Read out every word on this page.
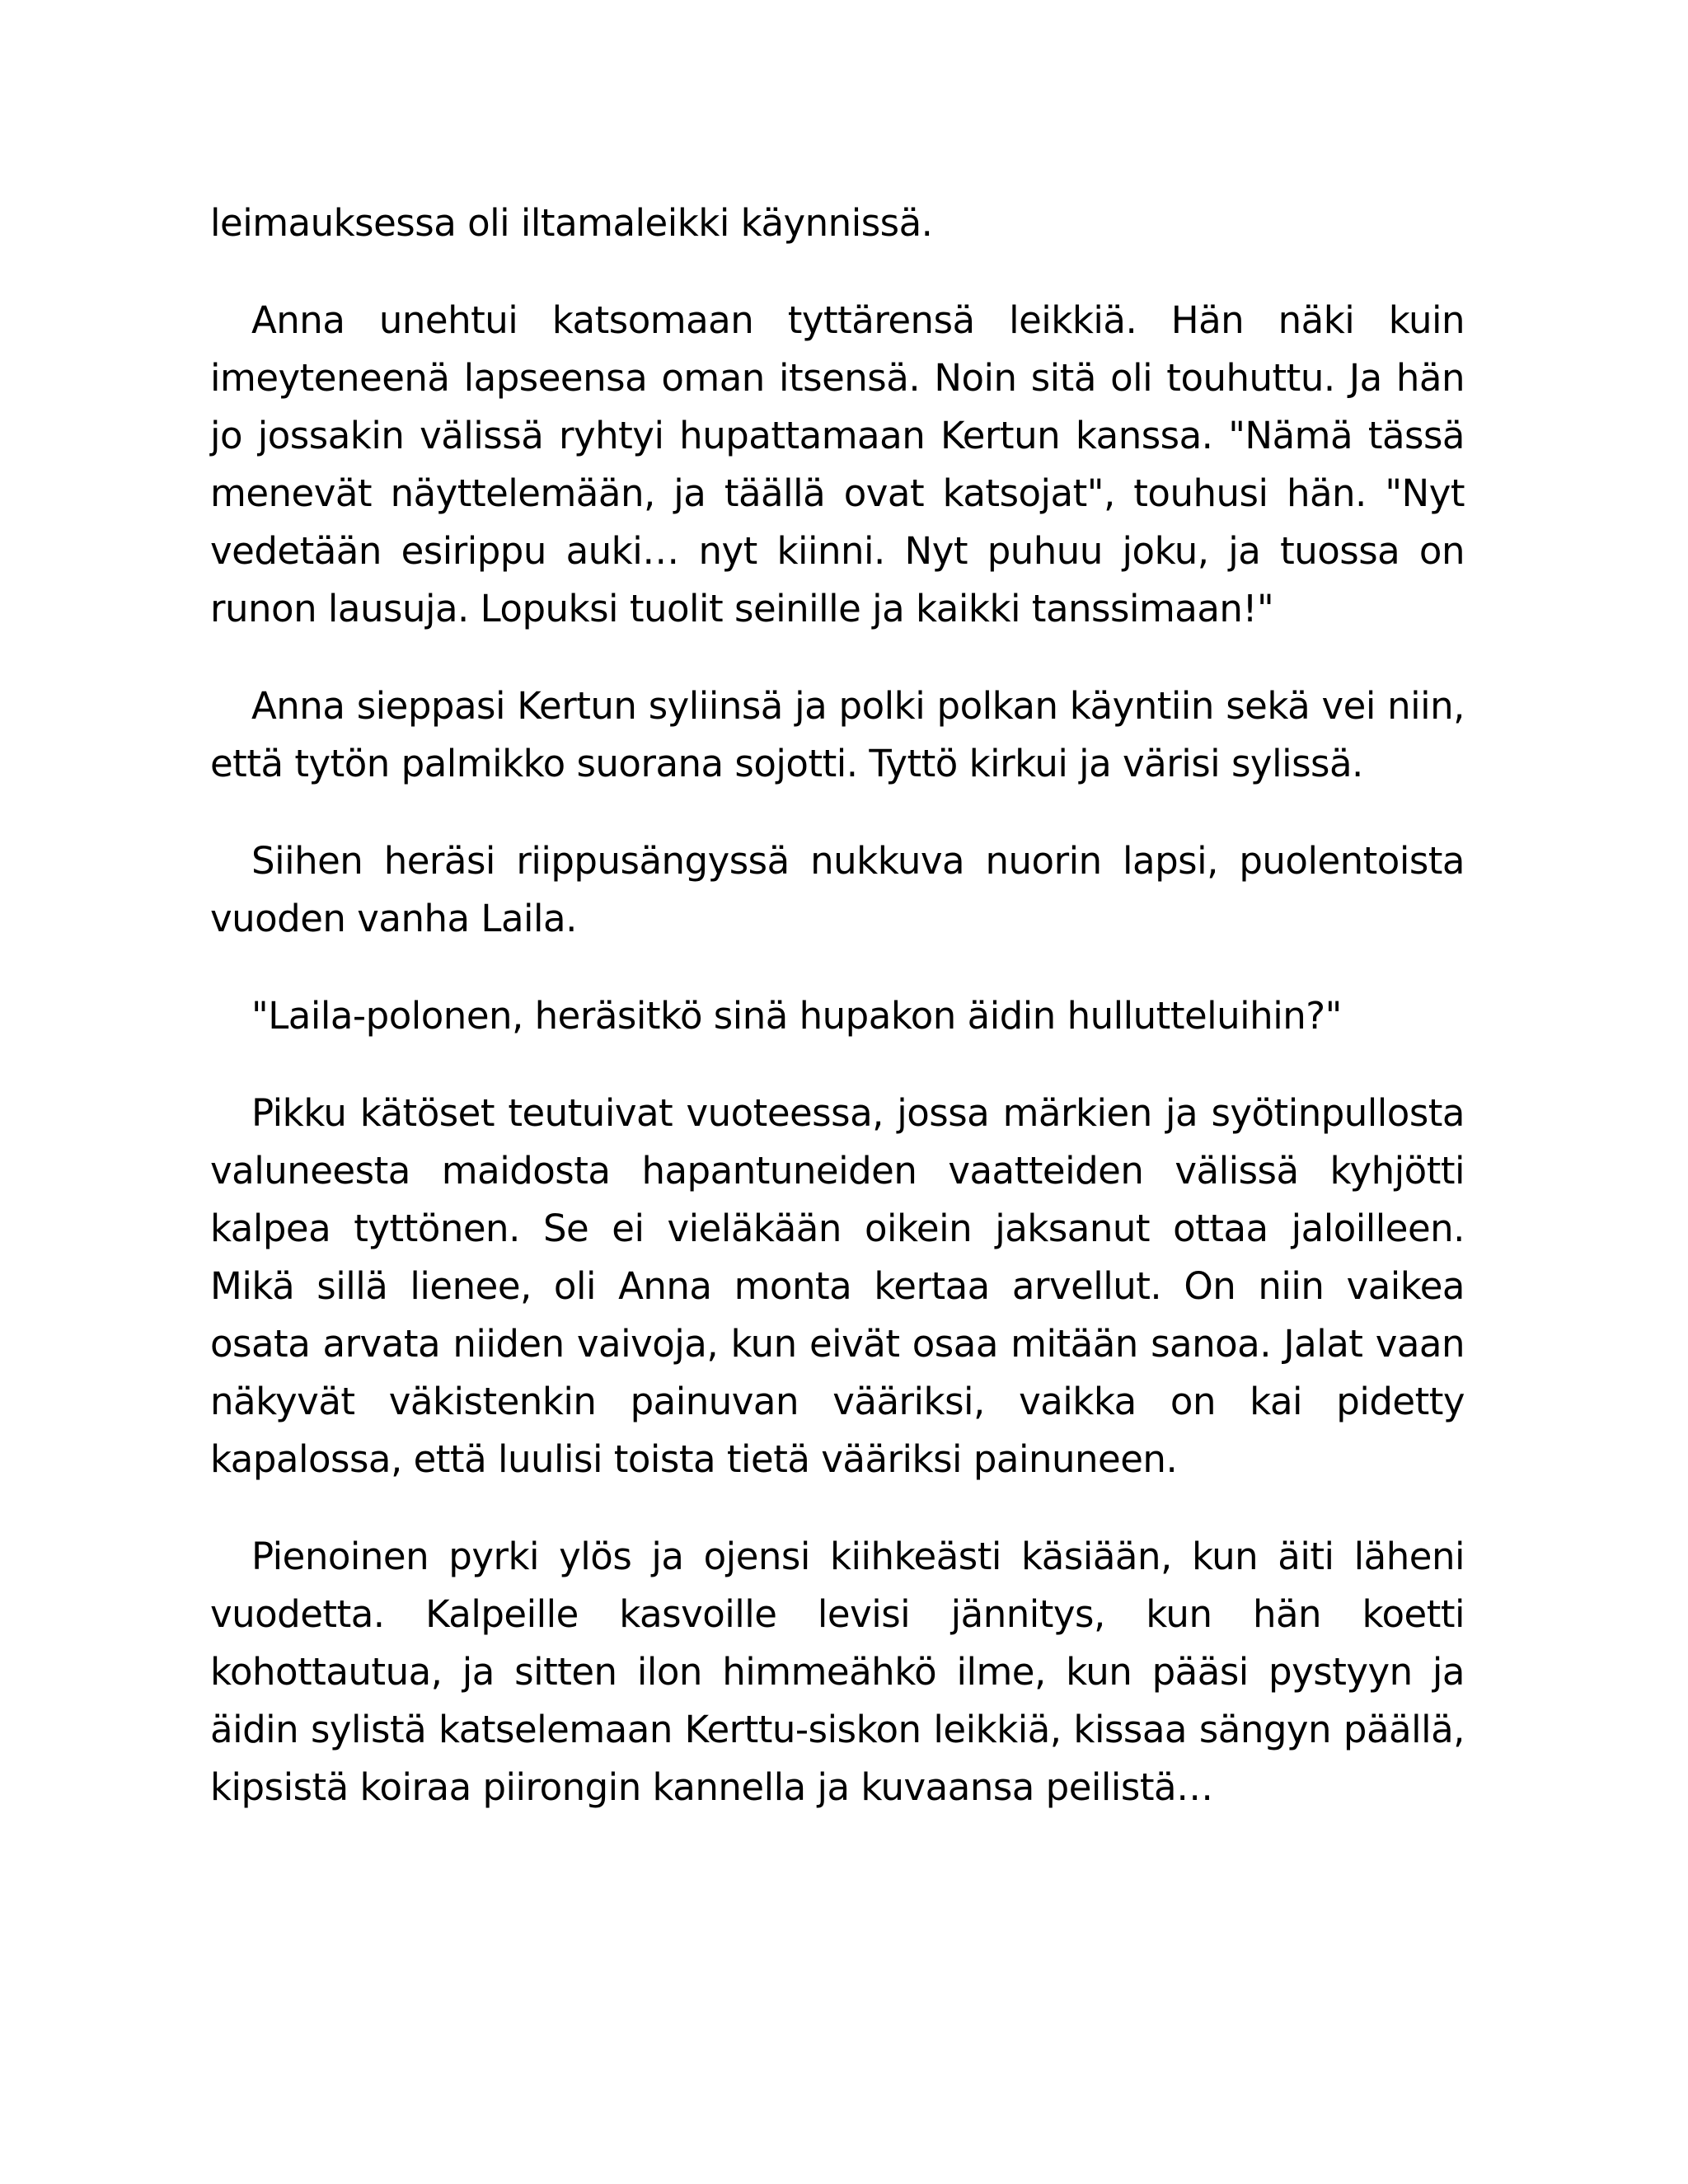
leimauksessa oli iltamaleikki käynnissä.

Anna unehtui katsomaan tyttärensä leikkiä. Hän näki kuin imeyteneenä lapseensa oman itsensä. Noin sitä oli touhuttu. Ja hän jo jossakin välissä ryhtyi hupattamaan Kertun kanssa. "Nämä tässä menevät näyttelemään, ja täällä ovat katsojat", touhusi hän. "Nyt vedetään esirippu auki… nyt kiinni. Nyt puhuu joku, ja tuossa on runon lausuja. Lopuksi tuolit seinille ja kaikki tanssimaan!"

Anna sieppasi Kertun syliinsä ja polki polkan käyntiin sekä vei niin, että tytön palmikko suorana sojotti. Tyttö kirkui ja värisi sylissä.

Siihen heräsi riippusängyssä nukkuva nuorin lapsi, puolentoista vuoden vanha Laila.

"Laila-polonen, heräsitkö sinä hupakon äidin hullutteluihin?"

Pikku kätöset teutuivat vuoteessa, jossa märkien ja syötinpullosta valuneesta maidosta hapantuneiden vaatteiden välissä kyhjötti kalpea tyttönen. Se ei vieläkään oikein jaksanut ottaa jaloilleen. Mikä sillä lienee, oli Anna monta kertaa arvellut. On niin vaikea osata arvata niiden vaivoja, kun eivät osaa mitään sanoa. Jalat vaan näkyvät väkistenkin painuvan vääriksi, vaikka on kai pidetty kapalossa, että luulisi toista tietä vääriksi painuneen.

Pienoinen pyrki ylös ja ojensi kiihkeästi käsiään, kun äiti läheni vuodetta. Kalpeille kasvoille levisi jännitys, kun hän koetti kohottautua, ja sitten ilon himmeähkö ilme, kun pääsi pystyyn ja äidin sylistä katselemaan Kerttu-siskon leikkiä, kissaa sängyn päällä, kipsistä koiraa piirongin kannella ja kuvaansa peilistä…
